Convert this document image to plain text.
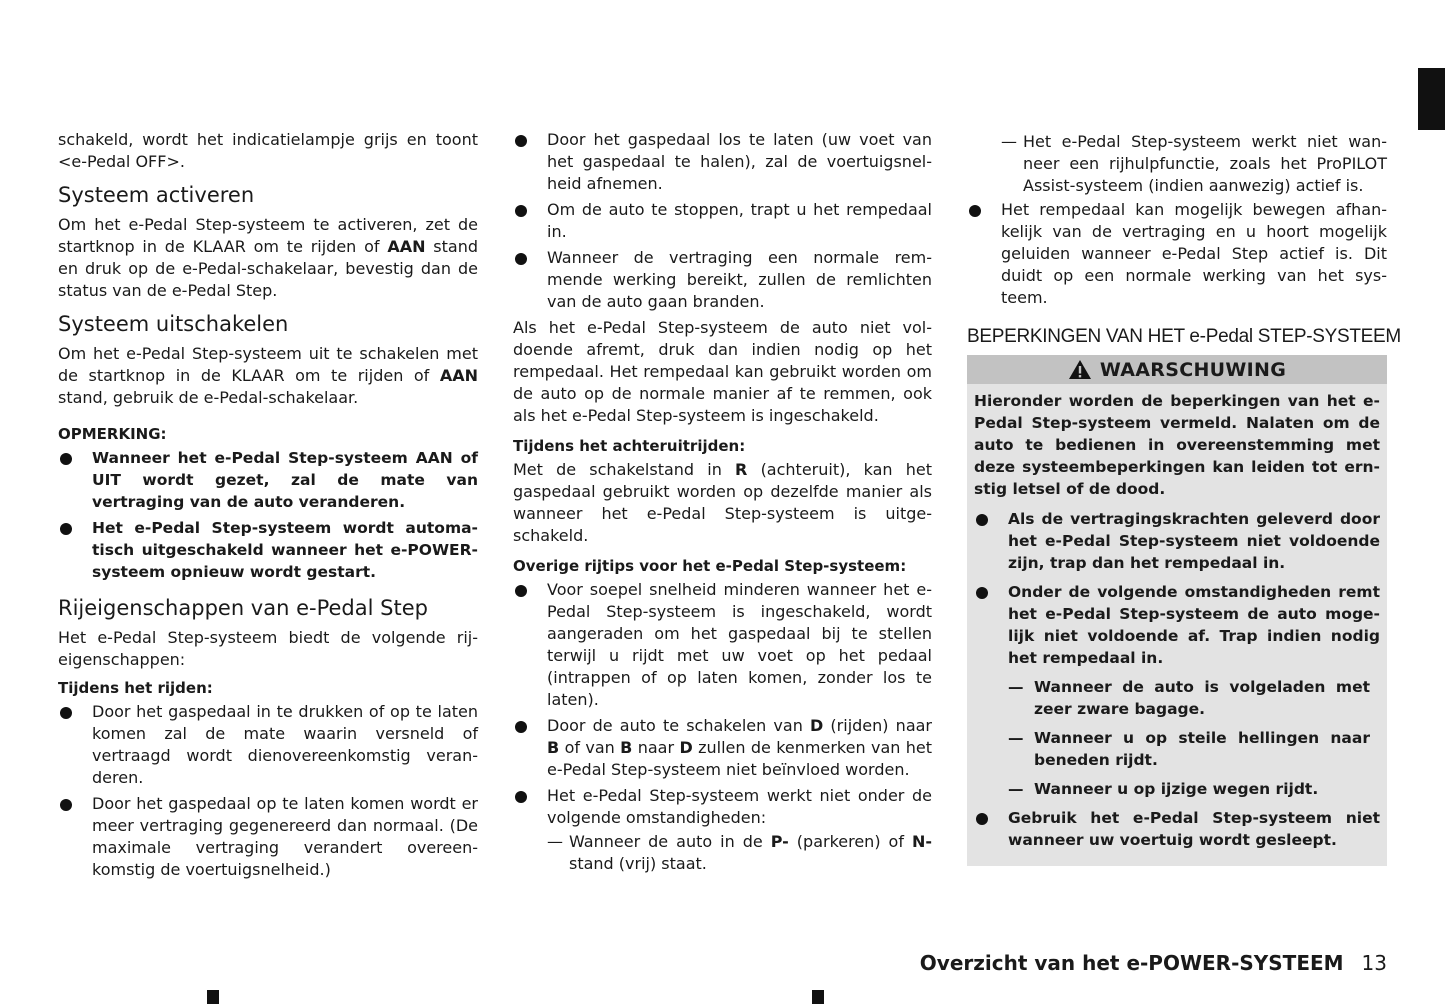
schakeld, wordt het indicatielampje grijs en toont <e-Pedal OFF>.

Systeem activeren

Om het e-Pedal Step-systeem te activeren, zet de startknop in de KLAAR om te rijden of AAN stand en druk op de e-Pedal-schakelaar, bevestig dan de status van de e-Pedal Step.

Systeem uitschakelen

Om het e-Pedal Step-systeem uit te schakelen met de startknop in de KLAAR om te rijden of AAN stand, gebruik de e-Pedal-schakelaar.

OPMERKING:
Wanneer het e-Pedal Step-systeem AAN of UIT wordt gezet, zal de mate van vertraging van de auto veranderen.
Het e-Pedal Step-systeem wordt automa-tisch uitgeschakeld wanneer het e-POWER-systeem opnieuw wordt gestart.
Rijeigenschappen van e-Pedal Step

Het e-Pedal Step-systeem biedt de volgende rij-eigenschappen:

Tijdens het rijden:
Door het gaspedaal in te drukken of op te laten komen zal de mate waarin versneld of vertraagd wordt dienovereenkomstig veran-deren.
Door het gaspedaal op te laten komen wordt er meer vertraging gegenereerd dan normaal. (De maximale vertraging verandert overeen-komstig de voertuigsnelheid.)
Door het gaspedaal los te laten (uw voet van het gaspedaal te halen), zal de voertuigsnel-heid afnemen.
Om de auto te stoppen, trapt u het rempedaal in.
Wanneer de vertraging een normale rem-mende werking bereikt, zullen de remlichten van de auto gaan branden.

Als het e-Pedal Step-systeem de auto niet vol-doende afremt, druk dan indien nodig op het rempedaal. Het rempedaal kan gebruikt worden om de auto op de normale manier af te remmen, ook als het e-Pedal Step-systeem is ingeschakeld.

Tijdens het achteruitrijden:

Met de schakelstand in R (achteruit), kan het gaspedaal gebruikt worden op dezelfde manier als wanneer het e-Pedal Step-systeem is uitge-schakeld.

Overige rijtips voor het e-Pedal Step-systeem:
Voor soepel snelheid minderen wanneer het e-Pedal Step-systeem is ingeschakeld, wordt aangeraden om het gaspedaal bij te stellen terwijl u rijdt met uw voet op het pedaal (intrappen of op laten komen, zonder los te laten).
Door de auto te schakelen van D (rijden) naar B of van B naar D zullen de kenmerken van het e-Pedal Step-systeem niet beïnvloed worden.
Het e-Pedal Step-systeem werkt niet onder de volgende omstandigheden:
— Wanneer de auto in de P- (parkeren) of N- stand (vrij) staat.
— Het e-Pedal Step-systeem werkt niet wan-neer een rijhulpfunctie, zoals het ProPILOT Assist-systeem (indien aanwezig) actief is.
Het rempedaal kan mogelijk bewegen afhan-kelijk van de vertraging en u hoort mogelijk geluiden wanneer e-Pedal Step actief is. Dit duidt op een normale werking van het sys-teem.
BEPERKINGEN VAN HET e-Pedal STEP-SYSTEEM
WAARSCHUWING

Hieronder worden de beperkingen van het e-Pedal Step-systeem vermeld. Nalaten om de auto te bedienen in overeenstemming met deze systeembeperkingen kan leiden tot ern-stig letsel of de dood.

Als de vertragingskrachten geleverd door het e-Pedal Step-systeem niet voldoende zijn, trap dan het rempedaal in.
Onder de volgende omstandigheden remt het e-Pedal Step-systeem de auto moge-lijk niet voldoende af. Trap indien nodig het rempedaal in.
— Wanneer de auto is volgeladen met zeer zware bagage.
— Wanneer u op steile hellingen naar beneden rijdt.
— Wanneer u op ijzige wegen rijdt.
Gebruik het e-Pedal Step-systeem niet wanneer uw voertuig wordt gesleept.
Overzicht van het e-POWER-SYSTEEM 13
